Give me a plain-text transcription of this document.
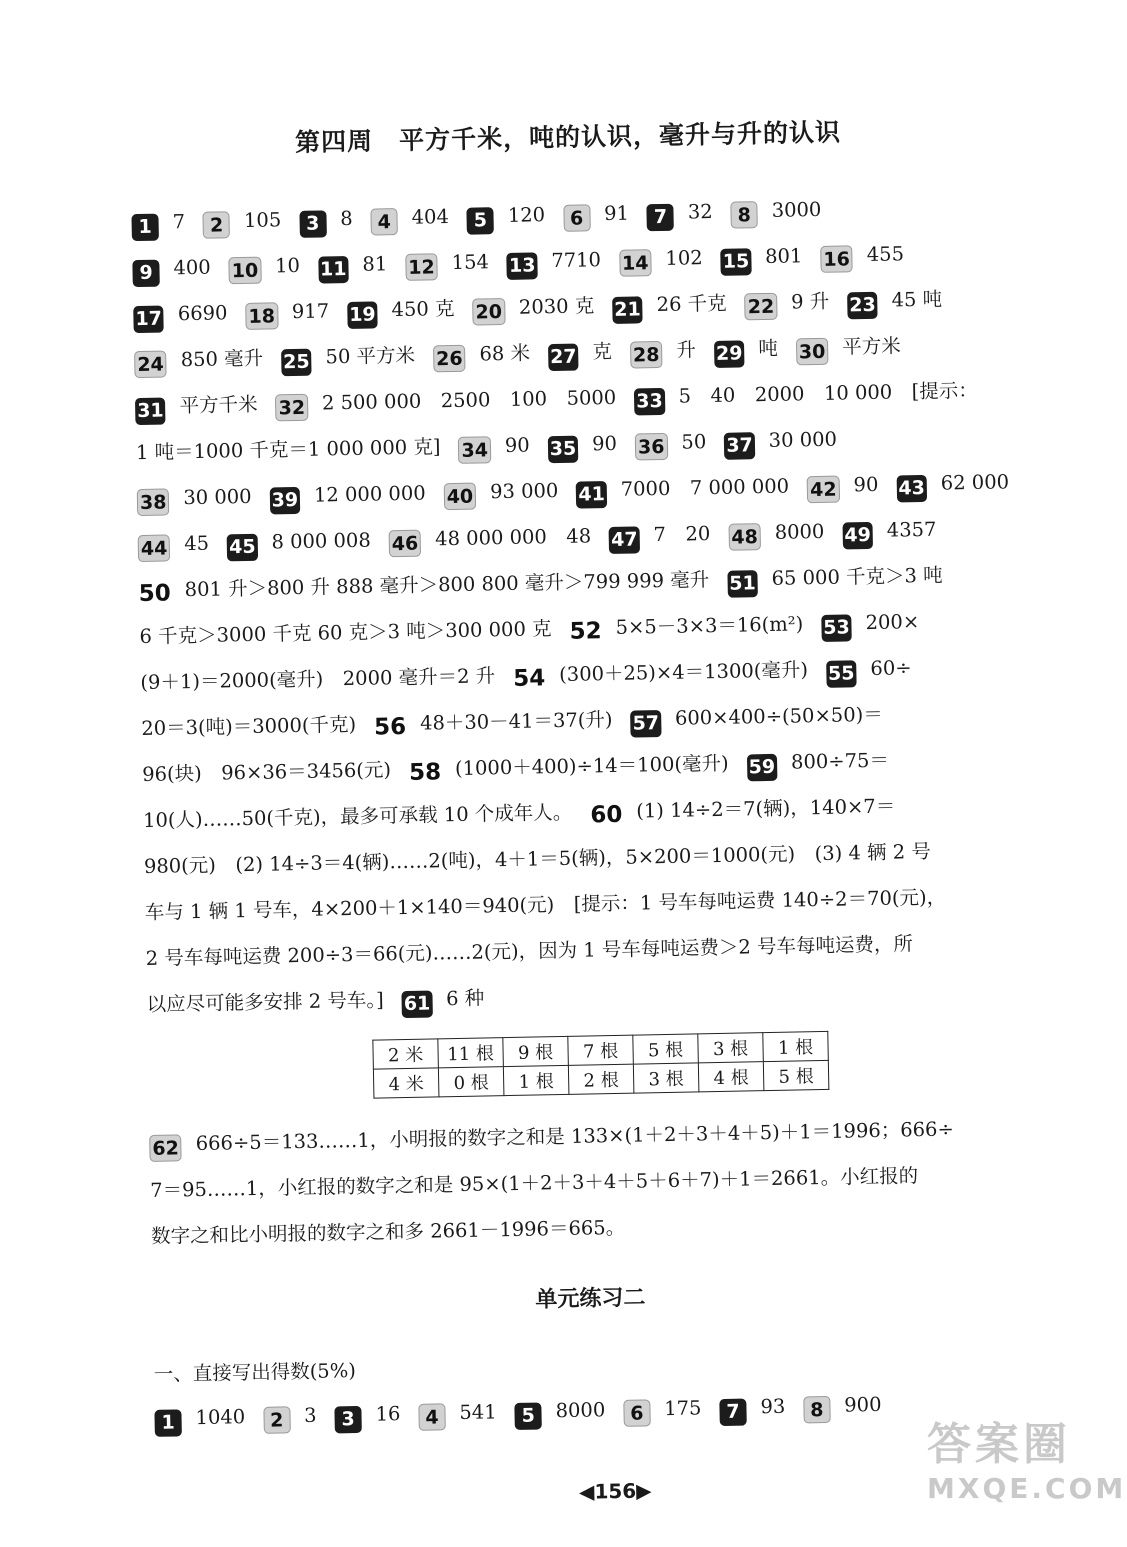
第四周　平方千米，吨的认识，毫升与升的认识
1 7 2 105 3 8 4 404 5 120 6 91 7 32 8 3000
9 400 10 10 11 81 12 154 13 7710 14 102 15 801 16 455
17 6690 18 917 19 450 克 20 2030 克 21 26 千克 22 9 升 23 45 吨
24 850 毫升 25 50 平方米 26 68 米 27 克 28 升 29 吨 30 平方米
31 平方千米 32 2 500 000　2500　100　5000 33 5　40　2000　10 000　[提示：
1 吨＝1000 千克＝1 000 000 克] 34 90 35 90 36 50 37 30 000
38 30 000 39 12 000 000 40 93 000 41 7000　7 000 000 42 90 43 62 000
44 45 45 8 000 008 46 48 000 000　48 47 7　20 48 8000 49 4357
50 801 升＞800 升 888 毫升＞800 800 毫升＞799 999 毫升 51 65 000 千克＞3 吨
6 千克＞3000 千克 60 克＞3 吨＞300 000 克 52 5×5－3×3＝16(m²) 53 200×
(9＋1)＝2000(毫升)　2000 毫升＝2 升 54 (300＋25)×4＝1300(毫升) 55 60÷
20＝3(吨)＝3000(千克) 56 48＋30－41＝37(升) 57 600×400÷(50×50)＝
96(块)　96×36＝3456(元) 58 (1000＋400)÷14＝100(毫升) 59 800÷75＝
10(人)……50(千克)，最多可承载 10 个成年人。 60 (1) 14÷2＝7(辆)，140×7＝
980(元)　(2) 14÷3＝4(辆)……2(吨)，4＋1＝5(辆)，5×200＝1000(元)　(3) 4 辆 2 号
车与 1 辆 1 号车，4×200＋1×140＝940(元)　[提示：1 号车每吨运费 140÷2＝70(元)，
2 号车每吨运费 200÷3＝66(元)……2(元)，因为 1 号车每吨运费＞2 号车每吨运费，所
以应尽可能多安排 2 号车。] 61 6 种
2 米	11 根	9 根	7 根	5 根	3 根	1 根
4 米	0 根	1 根	2 根	3 根	4 根	5 根
62 666÷5＝133……1，小明报的数字之和是 133×(1＋2＋3＋4＋5)＋1＝1996；666÷
7＝95……1，小红报的数字之和是 95×(1＋2＋3＋4＋5＋6＋7)＋1＝2661。小红报的
数字之和比小明报的数字之和多 2661－1996＝665。
单元练习二
一、直接写出得数(5%)
1 1040 2 3 3 16 4 541 5 8000 6 175 7 93 8 900
◀156▶
答案圈
MXQE.COM
